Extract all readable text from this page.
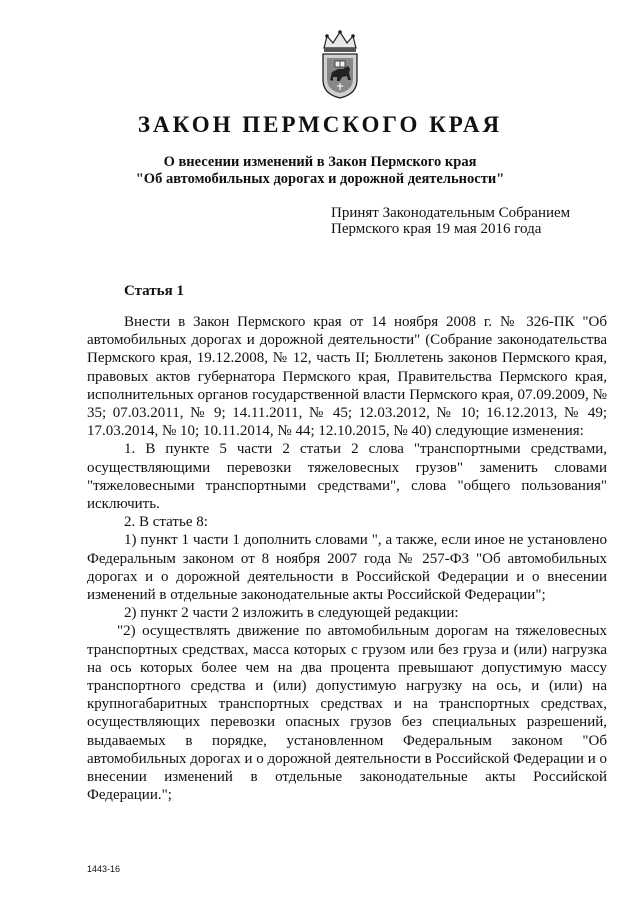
ЗАКОН ПЕРМСКОГО КРАЯ
О внесении изменений в Закон Пермского края
"Об автомобильных дорогах и дорожной деятельности"
Принят Законодательным Собранием
Пермского края 19 мая 2016 года
Статья 1

Внести в Закон Пермского края от 14 ноября 2008 г. № 326-ПК "Об автомобильных дорогах и дорожной деятельности" (Собрание законодательства Пермского края, 19.12.2008, № 12, часть II; Бюллетень законов Пермского края, правовых актов губернатора Пермского края, Правительства Пермского края, исполнительных органов государственной власти Пермского края, 07.09.2009, № 35; 07.03.2011, № 9; 14.11.2011, № 45; 12.03.2012, № 10; 16.12.2013, № 49; 17.03.2014, № 10; 10.11.2014, № 44; 12.10.2015, № 40) следующие изменения:

1. В пункте 5 части 2 статьи 2 слова "транспортными средствами, осуществляющими перевозки тяжеловесных грузов" заменить словами "тяжеловесными транспортными средствами", слова "общего пользования" исключить.

2. В статье 8:

1) пункт 1 части 1 дополнить словами ", а также, если иное не установлено Федеральным законом от 8 ноября 2007 года № 257-ФЗ "Об автомобильных дорогах и о дорожной деятельности в Российской Федерации и о внесении изменений в отдельные законодательные акты Российской Федерации";

2) пункт 2 части 2 изложить в следующей редакции:

"2) осуществлять движение по автомобильным дорогам на тяжеловесных транспортных средствах, масса которых с грузом или без груза и (или) нагрузка на ось которых более чем на два процента превышают допустимую массу транспортного средства и (или) допустимую нагрузку на ось, и (или) на крупногабаритных транспортных средствах и на транспортных средствах, осуществляющих перевозки опасных грузов без специальных разрешений, выдаваемых в порядке, установленном Федеральным законом "Об автомобильных дорогах и о дорожной деятельности в Российской Федерации и о внесении изменений в отдельные законодательные акты Российской Федерации.";

1443-16
